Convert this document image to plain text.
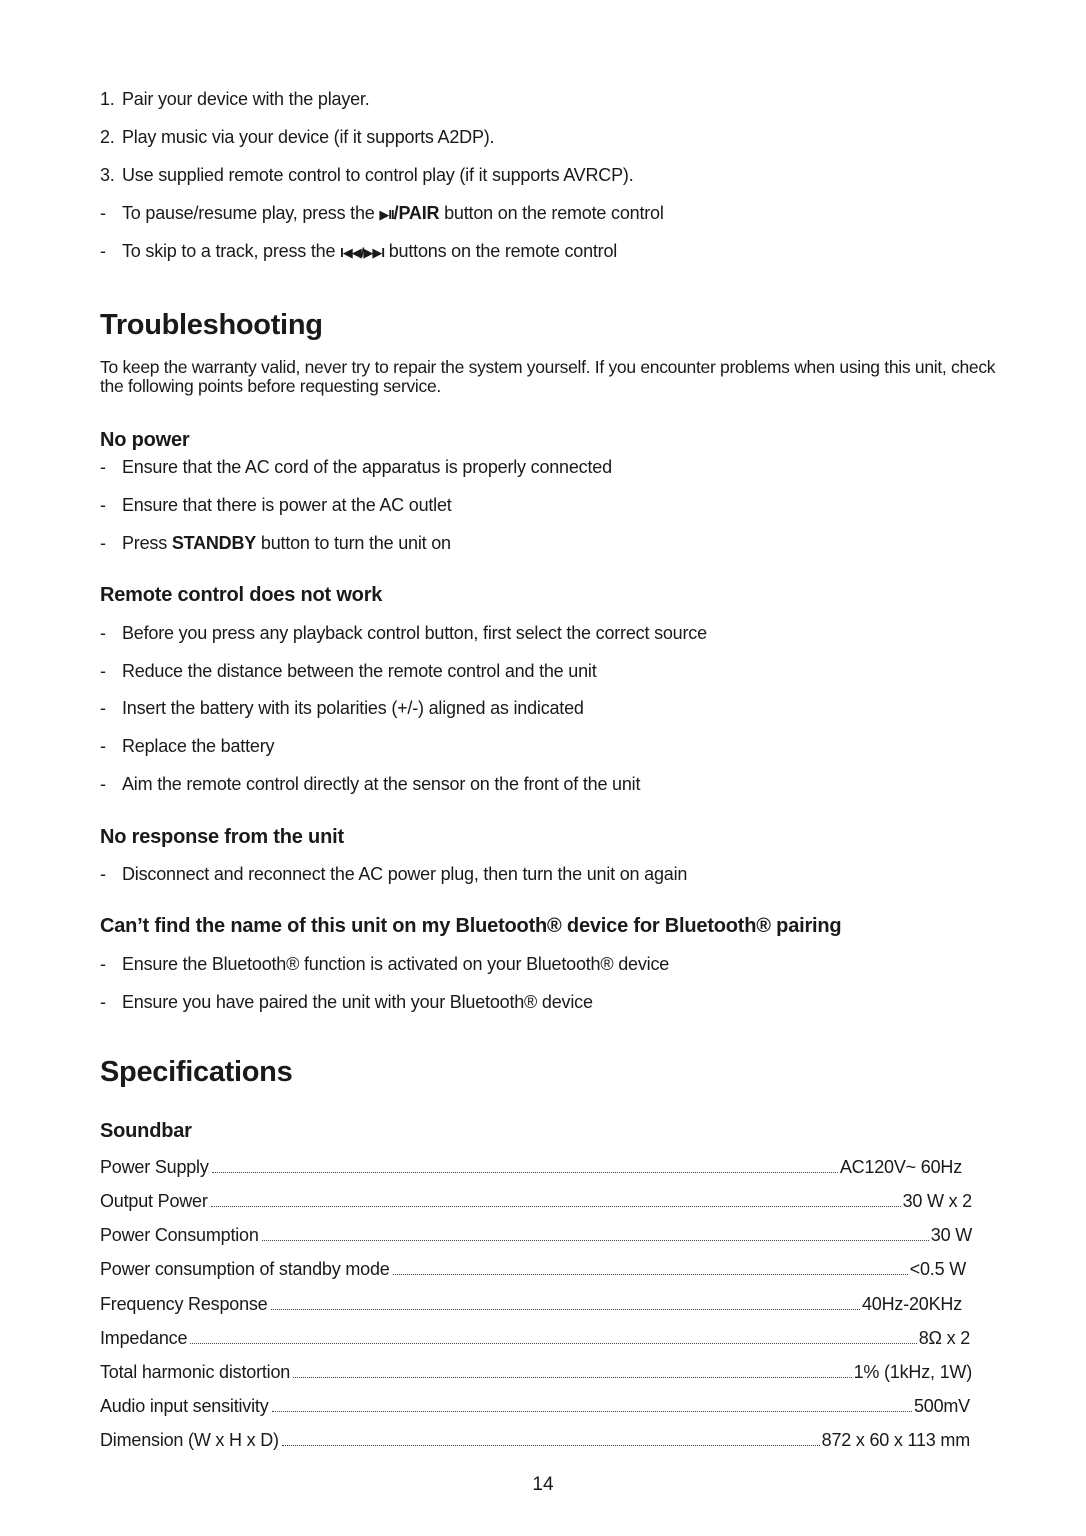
1. Pair your device with the player.
2. Play music via your device (if it supports A2DP).
3. Use supplied remote control to control play (if it supports AVRCP).
- To pause/resume play, press the ▶II/PAIR button on the remote control
- To skip to a track, press the I◀◀/▶▶I buttons on the remote control
Troubleshooting
To keep the warranty valid, never try to repair the system yourself. If you encounter problems when using this unit, check the following points before requesting service.
No power
- Ensure that the AC cord of the apparatus is properly connected
- Ensure that there is power at the AC outlet
- Press STANDBY button to turn the unit on
Remote control does not work
- Before you press any playback control button, first select the correct source
- Reduce the distance between the remote control and the unit
- Insert the battery with its polarities (+/-) aligned as indicated
- Replace the battery
- Aim the remote control directly at the sensor on the front of the unit
No response from the unit
- Disconnect and reconnect the AC power plug, then turn the unit on again
Can’t find the name of this unit on my Bluetooth® device for Bluetooth® pairing
- Ensure the Bluetooth® function is activated on your Bluetooth® device
- Ensure you have paired the unit with your Bluetooth® device
Specifications
Soundbar
Power Supply	AC120V~ 60Hz
Output Power	30 W x 2
Power Consumption	30 W
Power consumption of standby mode	<0.5 W
Frequency Response	40Hz-20KHz
Impedance	8Ω x 2
Total harmonic distortion	1% (1kHz, 1W)
Audio input sensitivity	500mV
Dimension (W x H x D)	872 x 60 x 113 mm
14
